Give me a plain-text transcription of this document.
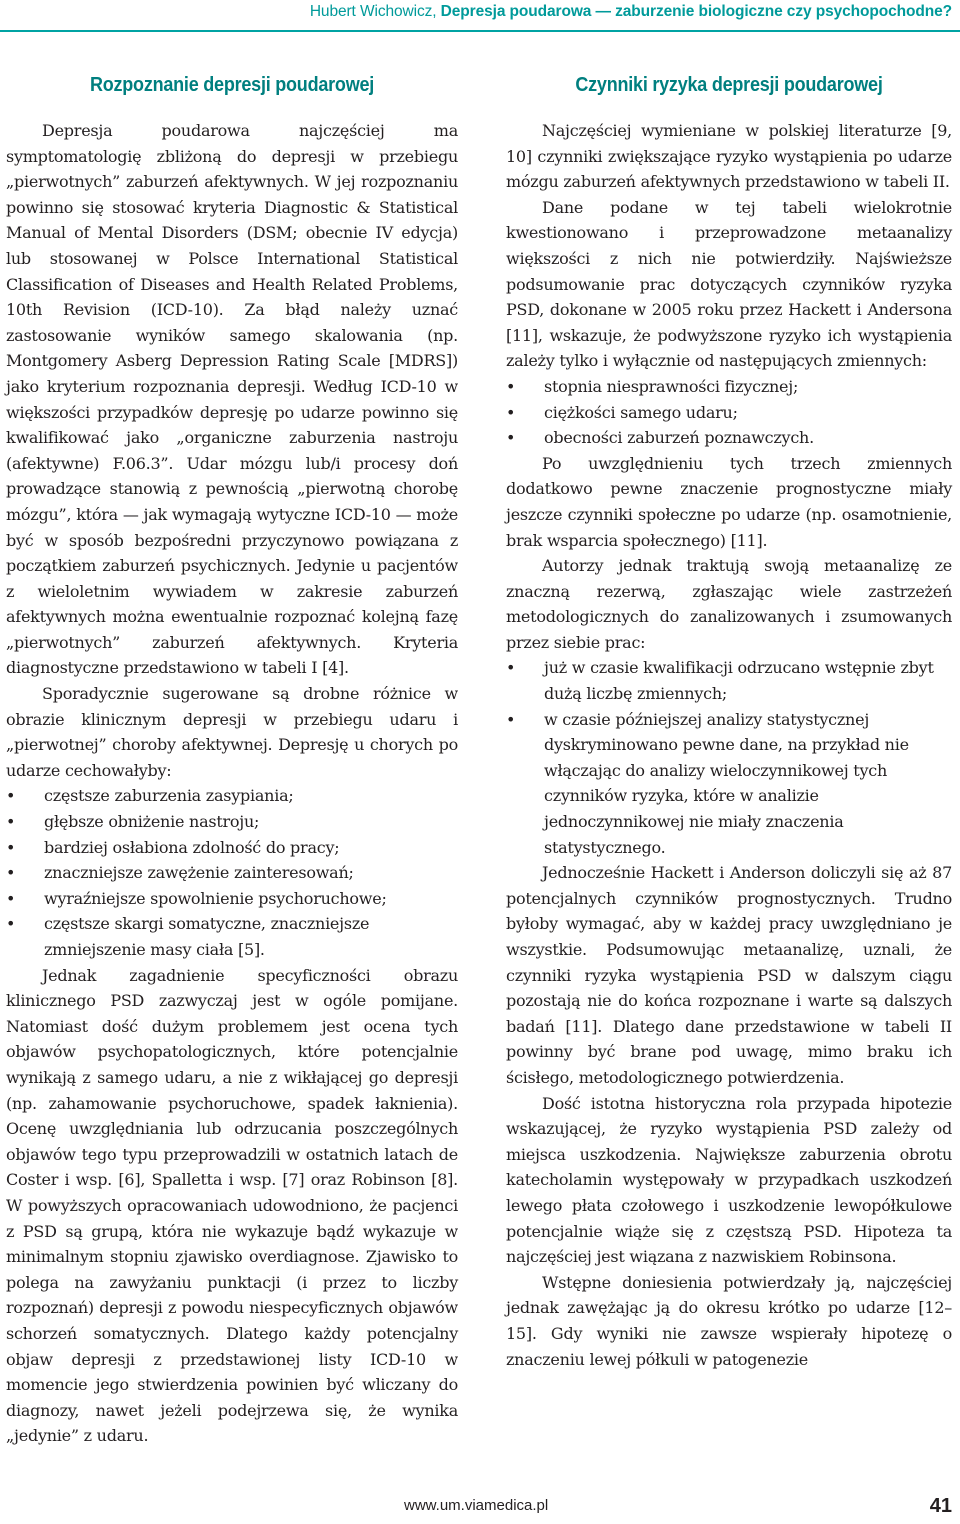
Hubert Wichowicz, Depresja poudarowa — zaburzenie biologiczne czy psychopochodne?
Rozpoznanie depresji poudarowej

Depresja poudarowa najczęściej ma symptomatologię zbliżoną do depresji w przebiegu „pierwotnych” zaburzeń afektywnych. W jej rozpoznaniu powinno się stosować kryteria Diagnostic & Statistical Manual of Mental Disorders (DSM; obecnie IV edycja) lub stosowanej w Polsce International Statistical Classification of Diseases and Health Related Problems, 10th Revision (ICD-10). Za błąd należy uznać zastosowanie wyników samego skalowania (np. Montgomery Asberg Depression Rating Scale [MDRS]) jako kryterium rozpoznania depresji. Według ICD-10 w większości przypadków depresję po udarze powinno się kwalifikować jako „organiczne zaburzenia nastroju (afektywne) F.06.3”. Udar mózgu lub/i procesy doń prowadzące stanowią z pewnością „pierwotną chorobę mózgu”, która — jak wymagają wytyczne ICD-10 — może być w sposób bezpośredni przyczynowo powiązana z początkiem zaburzeń psychicznych. Jedynie u pacjentów z wieloletnim wywiadem w zakresie zaburzeń afektywnych można ewentualnie rozpoznać kolejną fazę „pierwotnych” zaburzeń afektywnych. Kryteria diagnostyczne przedstawiono w tabeli I [4].

Sporadycznie sugerowane są drobne różnice w obrazie klinicznym depresji w przebiegu udaru i „pierwotnej” choroby afektywnej. Depresję u chorych po udarze cechowałyby:

• częstsze zaburzenia zasypiania;
• głębsze obniżenie nastroju;
• bardziej osłabiona zdolność do pracy;
• znaczniejsze zawężenie zainteresowań;
• wyraźniejsze spowolnienie psychoruchowe;
• częstsze skargi somatyczne, znaczniejsze zmniejszenie masy ciała [5].

Jednak zagadnienie specyficzności obrazu klinicznego PSD zazwyczaj jest w ogóle pomijane. Natomiast dość dużym problemem jest ocena tych objawów psychopatologicznych, które potencjalnie wynikają z samego udaru, a nie z wikłającej go depresji (np. zahamowanie psychoruchowe, spadek łaknienia). Ocenę uwzględniania lub odrzucania poszczególnych objawów tego typu przeprowadzili w ostatnich latach de Coster i wsp. [6], Spalletta i wsp. [7] oraz Robinson [8]. W powyższych opracowaniach udowodniono, że pacjenci z PSD są grupą, która nie wykazuje bądź wykazuje w minimalnym stopniu zjawisko overdiagnose. Zjawisko to polega na zawyżaniu punktacji (i przez to liczby rozpoznań) depresji z powodu niespecyficznych objawów schorzeń somatycznych. Dlatego każdy potencjalny objaw depresji z przedstawionej listy ICD-10 w momencie jego stwierdzenia powinien być wliczany do diagnozy, nawet jeżeli podejrzewa się, że wynika „jedynie” z udaru.

Czynniki ryzyka depresji poudarowej

Najczęściej wymieniane w polskiej literaturze [9, 10] czynniki zwiększające ryzyko wystąpienia po udarze mózgu zaburzeń afektywnych przedstawiono w tabeli II.

Dane podane w tej tabeli wielokrotnie kwestionowano i przeprowadzone metaanalizy większości z nich nie potwierdziły. Najświeższe podsumowanie prac dotyczących czynników ryzyka PSD, dokonane w 2005 roku przez Hackett i Andersona [11], wskazuje, że podwyższone ryzyko ich wystąpienia zależy tylko i wyłącznie od następujących zmiennych:

• stopnia niesprawności fizycznej;
• ciężkości samego udaru;
• obecności zaburzeń poznawczych.

Po uwzględnieniu tych trzech zmiennych dodatkowo pewne znaczenie prognostyczne miały jeszcze czynniki społeczne po udarze (np. osamotnienie, brak wsparcia społecznego) [11].

Autorzy jednak traktują swoją metaanalizę ze znaczną rezerwą, zgłaszając wiele zastrzeżeń metodologicznych do zanalizowanych i zsumowanych przez siebie prac:

• już w czasie kwalifikacji odrzucano wstępnie zbyt dużą liczbę zmiennych;
• w czasie późniejszej analizy statystycznej dyskryminowano pewne dane, na przykład nie włączając do analizy wieloczynnikowej tych czynników ryzyka, które w analizie jednoczynnikowej nie miały znaczenia statystycznego.

Jednocześnie Hackett i Anderson doliczyli się aż 87 potencjalnych czynników prognostycznych. Trudno byłoby wymagać, aby w każdej pracy uwzględniano je wszystkie. Podsumowując metaanalizę, uznali, że czynniki ryzyka wystąpienia PSD w dalszym ciągu pozostają nie do końca rozpoznane i warte są dalszych badań [11]. Dlatego dane przedstawione w tabeli II powinny być brane pod uwagę, mimo braku ich ścisłego, metodologicznego potwierdzenia.

Dość istotna historyczna rola przypada hipotezie wskazującej, że ryzyko wystąpienia PSD zależy od miejsca uszkodzenia. Największe zaburzenia obrotu katecholamin występowały w przypadkach uszkodzeń lewego płata czołowego i uszkodzenie lewopółkulowe potencjalnie wiąże się z częstszą PSD. Hipoteza ta najczęściej jest wiązana z nazwiskiem Robinsona.

Wstępne doniesienia potwierdzały ją, najczęściej jednak zawężając ją do okresu krótko po udarze [12–15]. Gdy wyniki nie zawsze wspierały hipotezę o znaczeniu lewej półkuli w patogenezie

www.um.viamedica.pl	41
